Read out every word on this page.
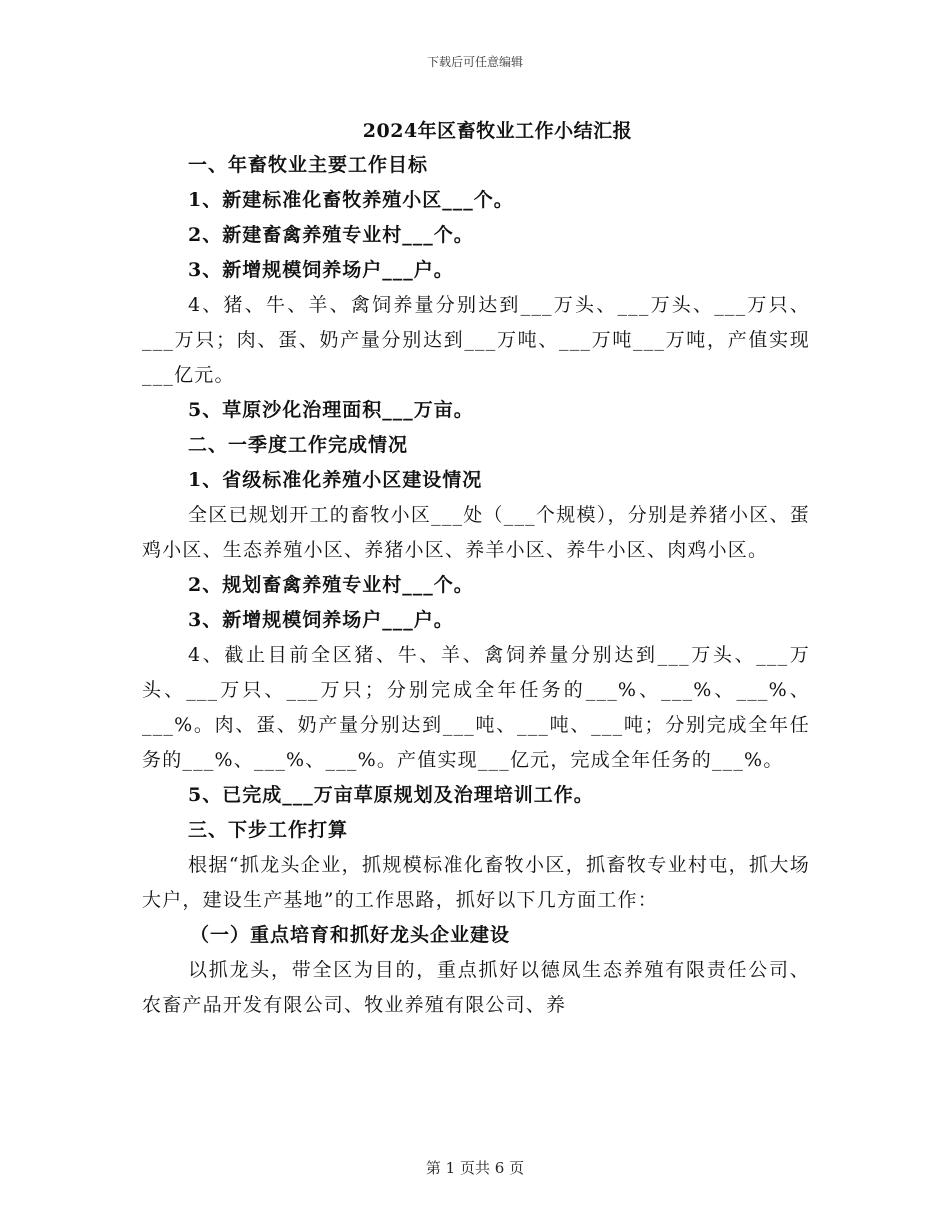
下载后可任意编辑
2024年区畜牧业工作小结汇报

一、年畜牧业主要工作目标

1、新建标准化畜牧养殖小区___个。

2、新建畜禽养殖专业村___个。

3、新增规模饲养场户___户。

4、猪、牛、羊、禽饲养量分别达到___万头、___万头、___万只、___万只；肉、蛋、奶产量分别达到___万吨、___万吨___万吨，产值实现___亿元。

5、草原沙化治理面积___万亩。

二、一季度工作完成情况

1、省级标准化养殖小区建设情况

全区已规划开工的畜牧小区___处（___个规模），分别是养猪小区、蛋鸡小区、生态养殖小区、养猪小区、养羊小区、养牛小区、肉鸡小区。

2、规划畜禽养殖专业村___个。

3、新增规模饲养场户___户。

4、截止目前全区猪、牛、羊、禽饲养量分别达到___万头、___万头、___万只、___万只；分别完成全年任务的___%、___%、___%、___%。肉、蛋、奶产量分别达到___吨、___吨、___吨；分别完成全年任务的___%、___%、___%。产值实现___亿元，完成全年任务的___%。

5、已完成___万亩草原规划及治理培训工作。

三、下步工作打算

根据“抓龙头企业，抓规模标准化畜牧小区，抓畜牧专业村屯，抓大场大户，建设生产基地”的工作思路，抓好以下几方面工作：

（一）重点培育和抓好龙头企业建设

以抓龙头，带全区为目的，重点抓好以德凤生态养殖有限责任公司、农畜产品开发有限公司、牧业养殖有限公司、养

第 1 页共 6 页
